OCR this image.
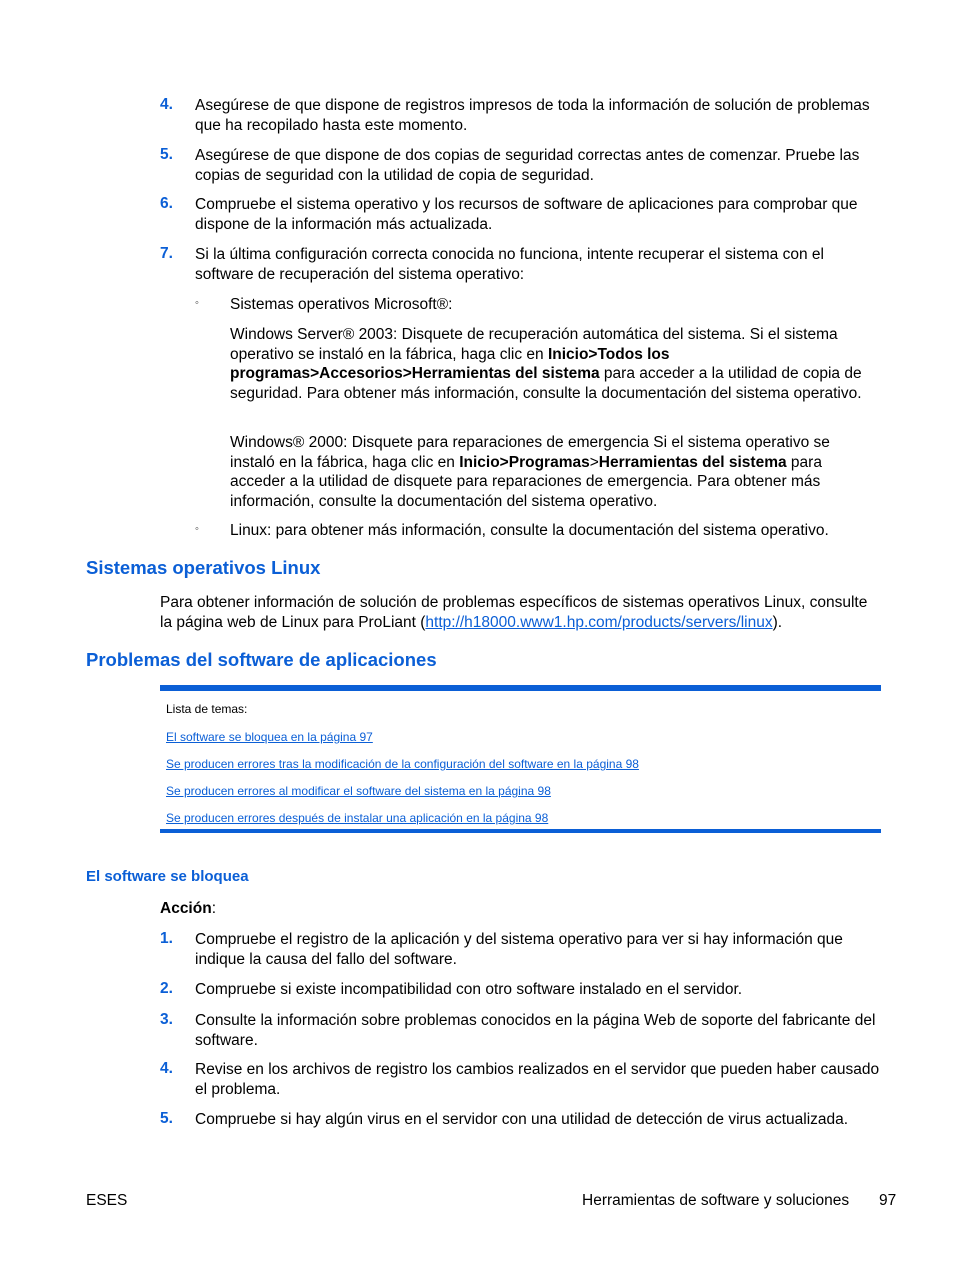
4. Asegúrese de que dispone de registros impresos de toda la información de solución de problemas que ha recopilado hasta este momento.
5. Asegúrese de que dispone de dos copias de seguridad correctas antes de comenzar. Pruebe las copias de seguridad con la utilidad de copia de seguridad.
6. Compruebe el sistema operativo y los recursos de software de aplicaciones para comprobar que dispone de la información más actualizada.
7. Si la última configuración correcta conocida no funciona, intente recuperar el sistema con el software de recuperación del sistema operativo:
◦ Sistemas operativos Microsoft®:
Windows Server® 2003: Disquete de recuperación automática del sistema. Si el sistema operativo se instaló en la fábrica, haga clic en Inicio>Todos los programas>Accesorios>Herramientas del sistema para acceder a la utilidad de copia de seguridad. Para obtener más información, consulte la documentación del sistema operativo.
Windows® 2000: Disquete para reparaciones de emergencia Si el sistema operativo se instaló en la fábrica, haga clic en Inicio>Programas>Herramientas del sistema para acceder a la utilidad de disquete para reparaciones de emergencia. Para obtener más información, consulte la documentación del sistema operativo.
◦ Linux: para obtener más información, consulte la documentación del sistema operativo.
Sistemas operativos Linux
Para obtener información de solución de problemas específicos de sistemas operativos Linux, consulte la página web de Linux para ProLiant (http://h18000.www1.hp.com/products/servers/linux).
Problemas del software de aplicaciones
Lista de temas:
El software se bloquea en la página 97
Se producen errores tras la modificación de la configuración del software en la página 98
Se producen errores al modificar el software del sistema en la página 98
Se producen errores después de instalar una aplicación en la página 98
El software se bloquea
Acción:
1. Compruebe el registro de la aplicación y del sistema operativo para ver si hay información que indique la causa del fallo del software.
2. Compruebe si existe incompatibilidad con otro software instalado en el servidor.
3. Consulte la información sobre problemas conocidos en la página Web de soporte del fabricante del software.
4. Revise en los archivos de registro los cambios realizados en el servidor que pueden haber causado el problema.
5. Compruebe si hay algún virus en el servidor con una utilidad de detección de virus actualizada.
ESES	Herramientas de software y soluciones 97
